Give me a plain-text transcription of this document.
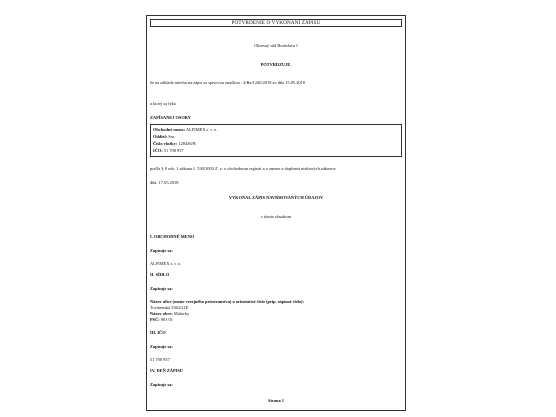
POTVRDENIE O VYKONANÍ ZÁPISU
Okresný súd Bratislava I
POTVRDZUJE,
že na základe návrhu na zápis so spisovou značkou : 4/Re/1240/2018 zo dňa 15.05.2018
a ktorý sa týka
ZAPÍSANEJ OSOBY
Obchodné meno: ALFIMEX s. r. o.
Oddiel: Sro
Číslo vložky: 128436/B
IČO: 51 708 957
podľa § 8 ods. 1 zákona č. 530/2003 Z. z. o obchodnom registri a o zmene a doplnení niektorých zákonov
dňa: 17.05.2018
VYKONAL ZÁPIS NAVRHOVANÝCH ÚDAJOV
s týmto obsahom
I. OBCHODNÉ MENO
Zapisuje sa:
ALFIMEX s. r. o.
II. SÍDLO
Zapisuje sa:
Názov ulice (meno verejného priestranstva) a orientačné číslo (príp. súpisné číslo):
Továrenská 5362/21E
Názov obce: Malacky
PSČ: 901 01
III. IČO
Zapisuje sa:
51 708 957
IV. DEŇ ZÁPISU
Zapisuje sa:
Strana 1
